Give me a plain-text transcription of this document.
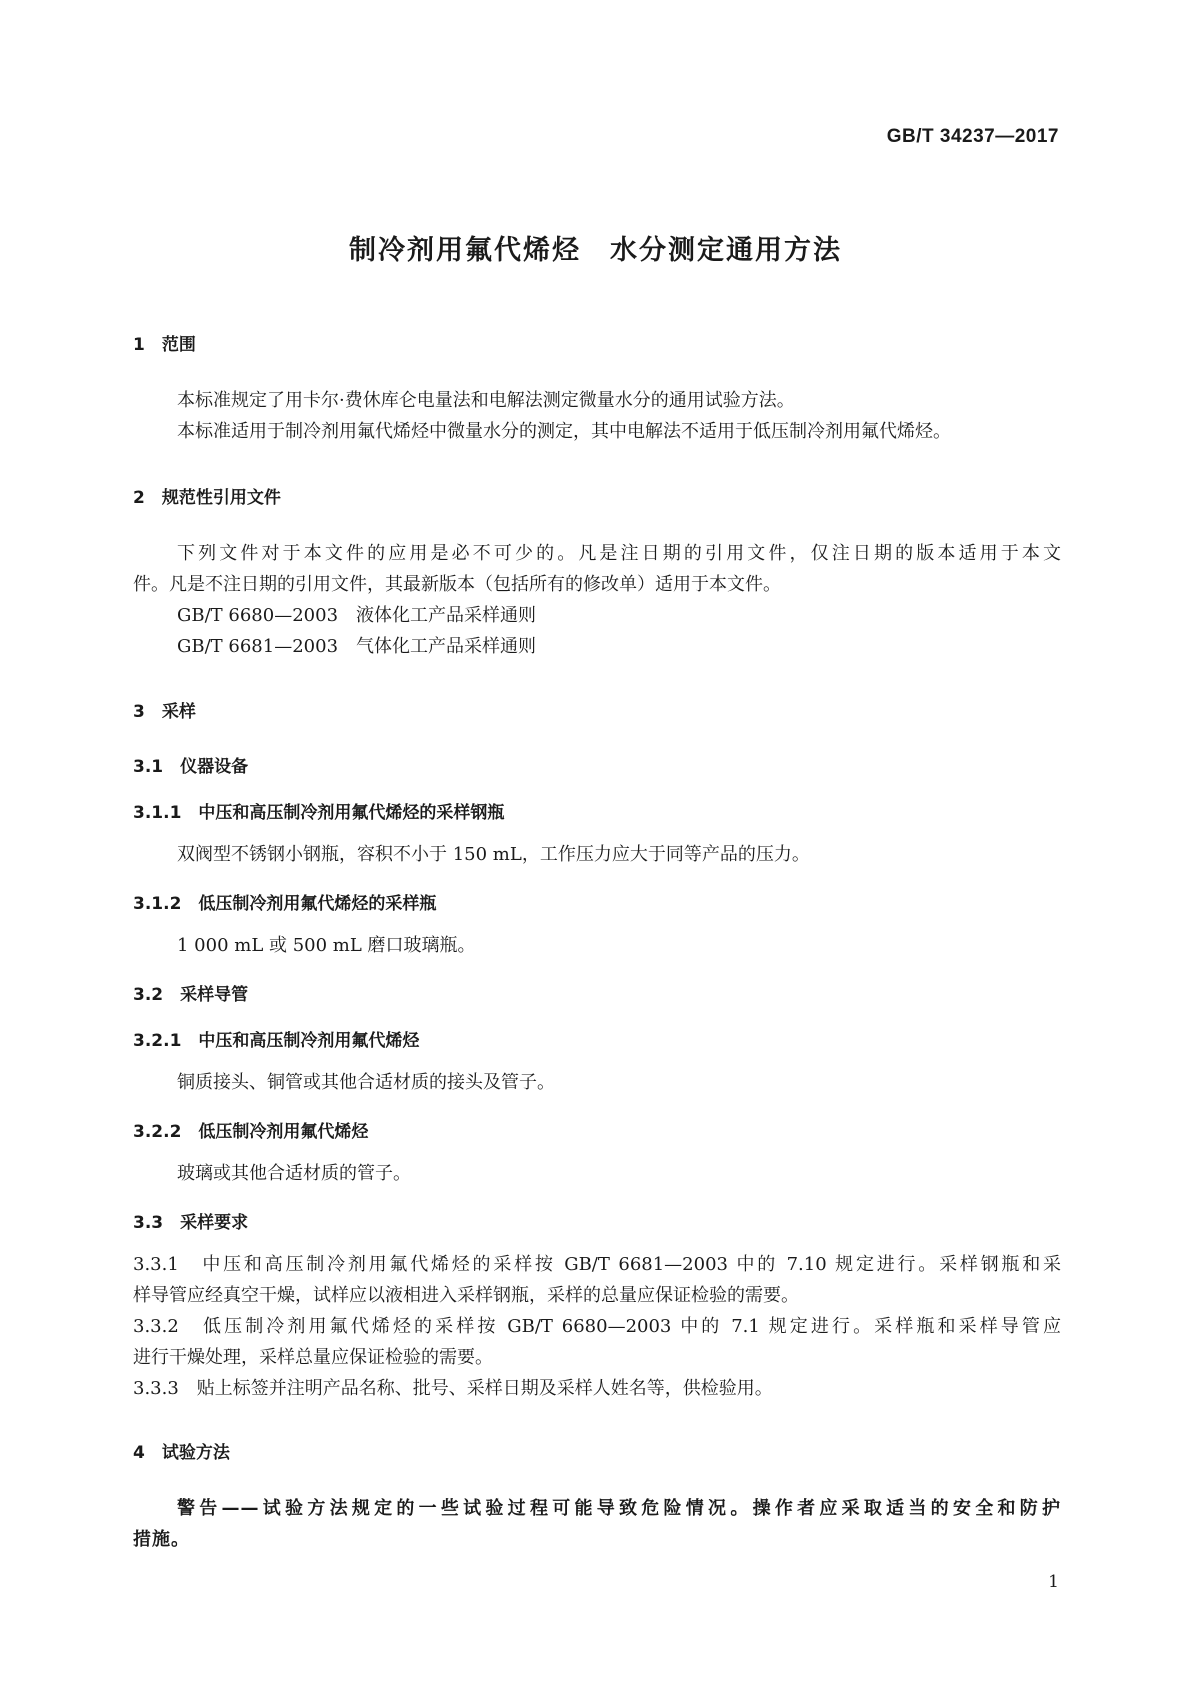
GB/T 34237—2017
制冷剂用氟代烯烃　水分测定通用方法
1　范围
本标准规定了用卡尔·费休库仑电量法和电解法测定微量水分的通用试验方法。
本标准适用于制冷剂用氟代烯烃中微量水分的测定，其中电解法不适用于低压制冷剂用氟代烯烃。
2　规范性引用文件
下列文件对于本文件的应用是必不可少的。凡是注日期的引用文件，仅注日期的版本适用于本文
件。凡是不注日期的引用文件，其最新版本（包括所有的修改单）适用于本文件。
GB/T 6680—2003　液体化工产品采样通则
GB/T 6681—2003　气体化工产品采样通则
3　采样
3.1　仪器设备
3.1.1　中压和高压制冷剂用氟代烯烃的采样钢瓶
双阀型不锈钢小钢瓶，容积不小于 150 mL，工作压力应大于同等产品的压力。
3.1.2　低压制冷剂用氟代烯烃的采样瓶
1 000 mL 或 500 mL 磨口玻璃瓶。
3.2　采样导管
3.2.1　中压和高压制冷剂用氟代烯烃
铜质接头、铜管或其他合适材质的接头及管子。
3.2.2　低压制冷剂用氟代烯烃
玻璃或其他合适材质的管子。
3.3　采样要求
3.3.1　中压和高压制冷剂用氟代烯烃的采样按 GB/T 6681—2003 中的 7.10 规定进行。采样钢瓶和采
样导管应经真空干燥，试样应以液相进入采样钢瓶，采样的总量应保证检验的需要。
3.3.2　低压制冷剂用氟代烯烃的采样按 GB/T 6680—2003 中的 7.1 规定进行。采样瓶和采样导管应
进行干燥处理，采样总量应保证检验的需要。
3.3.3　贴上标签并注明产品名称、批号、采样日期及采样人姓名等，供检验用。
4　试验方法
警告——试验方法规定的一些试验过程可能导致危险情况。操作者应采取适当的安全和防护
措施。
1
